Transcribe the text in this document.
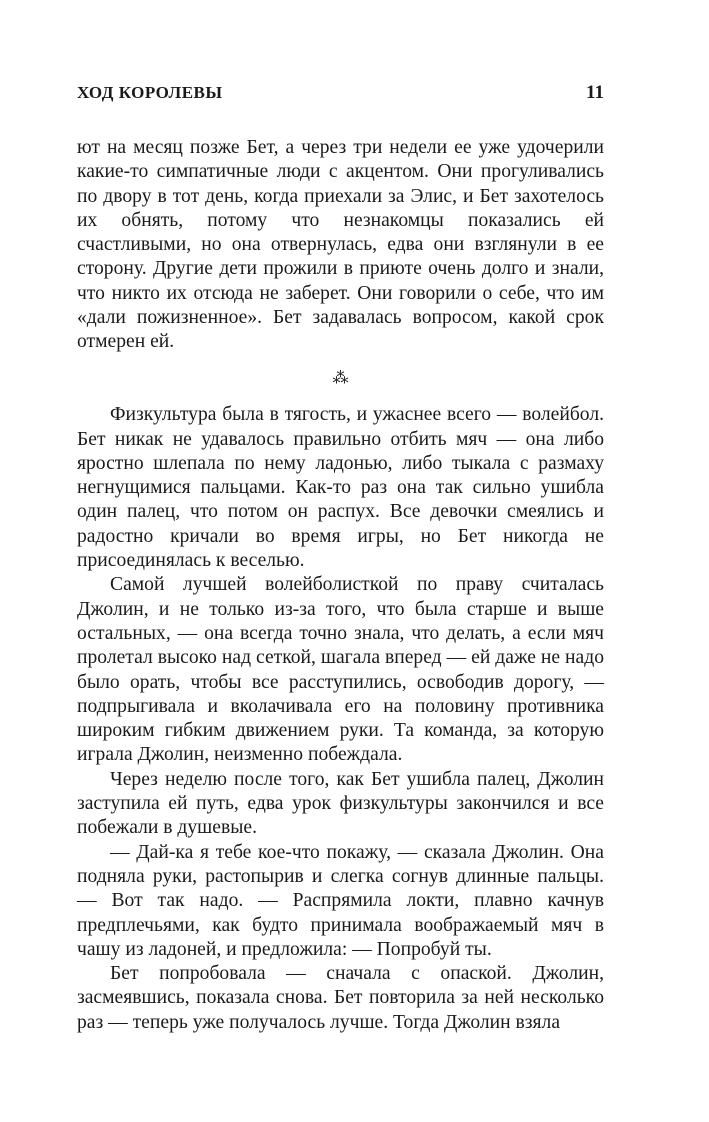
ХОД КОРОЛЕВЫ	11

ют на месяц позже Бет, а через три недели ее уже удочерили какие-то симпатичные люди с акцентом. Они прогуливались по двору в тот день, когда приехали за Элис, и Бет захотелось их обнять, потому что незнакомцы показались ей счастливыми, но она отвернулась, едва они взглянули в ее сторону. Другие дети прожили в приюте очень долго и знали, что никто их отсюда не заберет. Они говорили о себе, что им «дали пожизненное». Бет задавалась вопросом, какой срок отмерен ей.

⁂

Физкультура была в тягость, и ужаснее всего — волейбол. Бет никак не удавалось правильно отбить мяч — она либо яростно шлепала по нему ладонью, либо тыкала с размаху негнущимися пальцами. Как-то раз она так сильно ушибла один палец, что потом он распух. Все девочки смеялись и радостно кричали во время игры, но Бет никогда не присоединялась к веселью.

Самой лучшей волейболисткой по праву считалась Джолин, и не только из-за того, что была старше и выше остальных, — она всегда точно знала, что делать, а если мяч пролетал высоко над сеткой, шагала вперед — ей даже не надо было орать, чтобы все расступились, освободив дорогу, — подпрыгивала и вколачивала его на половину противника широким гибким движением руки. Та команда, за которую играла Джолин, неизменно побеждала.

Через неделю после того, как Бет ушибла палец, Джолин заступила ей путь, едва урок физкультуры закончился и все побежали в душевые.

— Дай-ка я тебе кое-что покажу, — сказала Джолин. Она подняла руки, растопырив и слегка согнув длинные пальцы. — Вот так надо. — Распрямила локти, плавно качнув предплечьями, как будто принимала воображаемый мяч в чашу из ладоней, и предложила: — Попробуй ты.

Бет попробовала — сначала с опаской. Джолин, засмеявшись, показала снова. Бет повторила за ней несколько раз — теперь уже получалось лучше. Тогда Джолин взяла
